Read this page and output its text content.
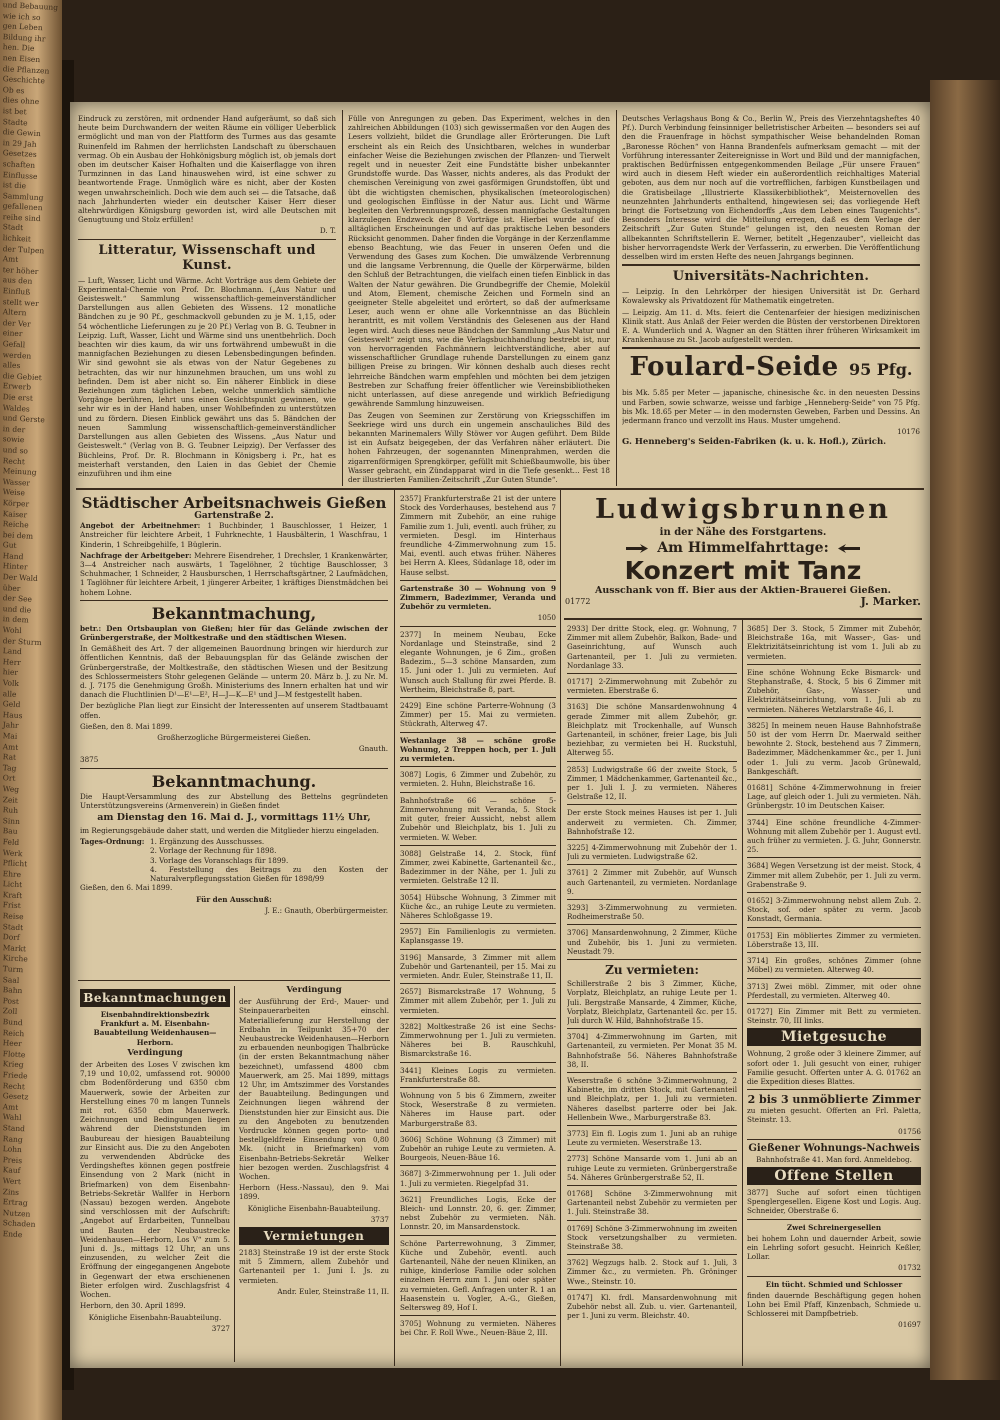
und Bebauung
wie ich so
gen Leben
Bildung ihr
hen. Die
nen Eisen
die Pflanzen
Geschichte
Ob es
dies ohne
ist bet
Stadte
die Gewin
in 29 Jah
Gesetzes
schaften
Einflusse
ist die
Sammlung
gefallenen
reihe sind
Stadt
lichkeit
der Tulpen
Amt
ter höher
aus den
Einfluß
stellt wer
Altern
der Ver
einer
Gefall
werden
alles
die Gebiet
Erwerb
Die erst
Waldes
und Gerste
in der
sowie
und so
Recht
Meinung
Wasser
Weise
Körper
Kaiser
Reiche
bei dem
Gut
Hand
Hinter
Der Wald
über
der See
und die
in dem
Wohl
der Sturm
Land
Herr
hier
Volk
alle
Geld
Haus
Jahr
Mai
Amt
Rat
Tag
Ort
Weg
Zeit
Ruh
Sinn
Bau
Feld
Werk
Pflicht
Ehre
Licht
Kraft
Frist
Reise
Stadt
Dorf
Markt
Kirche
Turm
Saal
Bahn
Post
Zoll
Bund
Reich
Heer
Flotte
Krieg
Friede
Recht
Gesetz
Amt
Wahl
Stand
Rang
Lohn
Preis
Kauf
Wert
Zins
Ertrag
Nutzen
Schaden
Ende

Eindruck zu zerstören, mit ordnender Hand aufgeräumt, so daß sich heute beim Durchwandern der weiten Räume ein völliger Ueberblick ermöglicht und man von der Plattform des Turmes aus das gesamte Ruinenfeld im Rahmen der herrlichsten Landschaft zu überschauen vermag. Ob ein Ausbau der Hohkönigsburg möglich ist, ob jemals dort oben im deutscher Kaiser Hofhalten und die Kaiserflagge von ihren Turmzinnen in das Land hinauswehen wird, ist eine schwer zu beantwortende Frage. Unmöglich wäre es nicht, aber der Kosten wegen unwahrscheinlich. Doch wie dem auch sei — die Tatsache, daß nach Jahrhunderten wieder ein deutscher Kaiser Herr dieser altehrwürdigen Königsburg geworden ist, wird alle Deutschen mit Genugtuung und Stolz erfüllen!

D. T.

Litteratur, Wissenschaft und Kunst.

— Luft, Wasser, Licht und Wärme. Acht Vorträge aus dem Gebiete der Experimental-Chemie von Prof. Dr. Blochmann. („Aus Natur und Geisteswelt.“ Sammlung wissenschaftlich-gemeinverständlicher Darstellungen aus allen Gebieten des Wissens. 12 monatliche Bändchen zu je 90 Pf., geschmackvoll gebunden zu je M. 1,15, oder 54 wöchentliche Lieferungen zu je 20 Pf.) Verlag von B. G. Teubner in Leipzig. Luft, Wasser, Licht und Wärme sind uns unentbehrlich. Doch beachten wir dies kaum, da wir uns fortwährend umbewußt in die mannigfachen Beziehungen zu diesen Lebensbedingungen befinden. Wir sind gewohnt sie als etwas von der Natur Gegebenes zu betrachten, das wir nur hinzunehmen brauchen, um uns wohl zu befinden. Dem ist aber nicht so. Ein näherer Einblick in diese Beziehungen zum täglichen Leben, welche unmerklich sämtliche Vorgänge berühren, lehrt uns einen Gesichtspunkt gewinnen, wie sehr wir es in der Hand haben, unser Wohlbefinden zu unterstützen und zu fördern. Diesen Einblick gewährt uns das 5. Bändchen der neuen Sammlung wissenschaftlich-gemeinverständlicher Darstellungen aus allen Gebieten des Wissens. „Aus Natur und Geisteswelt.“ (Verlag von B. G. Teubner Leipzig). Der Verfasser des Büchleins, Prof. Dr. R. Blochmann in Königsberg i. Pr., hat es meisterhaft verstanden, den Laien in das Gebiet der Chemie einzuführen und ihm eine

Fülle von Anregungen zu geben. Das Experiment, welches in den zahlreichen Abbildungen (103) sich gewissermaßen vor den Augen des Lesers vollzieht, bildet die Grundlage aller Erörterungen. Die Luft erscheint als ein Reich des Unsichtbaren, welches in wunderbar einfacher Weise die Beziehungen zwischen der Pflanzen- und Tierwelt regelt und in neuester Zeit eine Fundstätte bisher unbekannter Grundstoffe wurde. Das Wasser, nichts anderes, als das Produkt der chemischen Vereinigung von zwei gasförmigen Grundstoffen, übt und übt die wichtigsten chemischen, physikalischen (meteorologischen) und geologischen Einflüsse in der Natur aus. Licht und Wärme begleiten den Verbrennungsprozeß, dessen mannigfache Gestaltungen klarzulegen Endzweck der 8 Vorträge ist. Hierbei wurde auf die alltäglichen Erscheinungen und auf das praktische Leben besonders Rücksicht genommen. Daher finden die Vorgänge in der Kerzenflamme ebenso Beachtung, wie das Feuer in unseren Oefen und die Verwendung des Gases zum Kochen. Die umwälzende Verbrennung und die langsame Verbrennung, die Quelle der Körperwärme, bilden den Schluß der Betrachtungen, die vielfach einen tiefen Einblick in das Walten der Natur gewähren. Die Grundbegriffe der Chemie, Molekül und Atom, Element, chemische Zeichen und Formeln sind an geeigneter Stelle abgeleitet und erörtert, so daß der aufmerksame Leser, auch wenn er ohne alle Vorkenntnisse an das Büchlein herantritt, es mit vollem Verständnis des Gelesenen aus der Hand legen wird. Auch dieses neue Bändchen der Sammlung „Aus Natur und Geisteswelt“ zeigt uns, wie die Verlagsbuchhandlung bestrebt ist, nur von hervorragenden Fachmännern leichtverständliche, aber auf wissenschaftlicher Grundlage ruhende Darstellungen zu einem ganz billigen Preise zu bringen. Wir können deshalb auch dieses recht lehrreiche Bändchen warm empfehlen und möchten bei dem jetzigen Bestreben zur Schaffung freier öffentlicher wie Vereinsbibliotheken nicht unterlassen, auf diese anregende und wirklich Befriedigung gewährende Sammlung hinzuweisen.

Das Zeugen von Seeminen zur Zerstörung von Kriegsschiffen im Seekriege wird uns durch ein ungemein anschauliches Bild des bekannten Marinemalers Willy Stöwer vor Augen geführt. Dem Bilde ist ein Aufsatz beigegeben, der das Verfahren näher erläutert. Die hohen Fahrzeugen, der sogenannten Minenprahmen, werden die zigarrenförmigen Sprengkörper, gefüllt mit Schießbaumwolle, bis über Wasser gebracht, ein Zündapparat wird in die Tiefe gesenkt... Fest 18 der illustrierten Familien-Zeitschrift „Zur Guten Stunde“.

Deutsches Verlagshaus Bong & Co., Berlin W., Preis des Vierzehntagsheftes 40 Pf.). Durch Verbindung feinsinniger belletristischer Arbeiten — besonders sei auf den die Frauenfrage in höchst sympathischer Weise behandelnden Roman „Baronesse Röchen“ von Hanna Brandenfels aufmerksam gemacht — mit der Vorführung interessanter Zeitereignisse in Wort und Bild und der mannigfachen, praktischen Bedürfnissen entgegenkommenden Beilage „Für unsere Frauen“ wird auch in diesem Heft wieder ein außerordentlich reichhaltiges Material geboten, aus dem nur noch auf die vortrefflichen, farbigen Kunstbeilagen und die Gratisbeilage „Illustrierte Klassikerbibliothek“, Meisternovellen des neunzehnten Jahrhunderts enthaltend, hingewiesen sei; das vorliegende Heft bringt die Fortsetzung von Eichendorffs „Aus dem Leben eines Taugenichts“. Besonders Interesse wird die Mitteilung erregen, daß es dem Verlage der Zeitschrift „Zur Guten Stunde“ gelungen ist, den neuesten Roman der allbekannten Schriftstellerin E. Werner, betitelt „Hegenzauber“, vielleicht das bisher hervorragendste Werk der Verfasserin, zu erwerben. Die Veröffentlichung desselben wird im ersten Hefte des neuen Jahrgangs beginnen.

Universitäts-Nachrichten.

— Leipzig. In den Lehrkörper der hiesigen Universität ist Dr. Gerhard Kowalewsky als Privatdozent für Mathematik eingetreten.

— Leipzig. Am 11. d. Mts. feiert die Centenarfeier der hiesigen medizinischen Klinik statt. Aus Anlaß der Feier werden die Büsten der verstorbenen Direktoren E. A. Wunderlich und A. Wagner an den Stätten ihrer früheren Wirksamkeit im Krankenhause zu St. Jacob aufgestellt werden.

Foulard-Seide 95 Pfg.

bis Mk. 5.85 per Meter — japanische, chinesische &c. in den neuesten Dessins und Farben, sowie schwarze, weisse und farbige „Henneberg-Seide“ von 75 Pfg. bis Mk. 18.65 per Meter — in den modernsten Geweben, Farben und Dessins. An jedermann franco und verzollt ins Haus. Muster umgehend.

10176

G. Henneberg's Seiden-Fabriken (k. u. k. Hofl.), Zürich.

Städtischer Arbeitsnachweis Gießen
Gartenstraße 2.

Angebot der Arbeitnehmer: 1 Buchbinder, 1 Bauschlosser, 1 Heizer, 1 Anstreicher für leichtere Arbeit, 1 Fuhrknechte, 1 Hausbälterin, 1 Waschfrau, 1 Kinderin, 1 Schreibgehilfe, 1 Büglerin.

Nachfrage der Arbeitgeber: Mehrere Eisendreher, 1 Drechsler, 1 Krankenwärter, 3—4 Anstreicher nach auswärts, 1 Tagelöhner, 2 tüchtige Bauschlosser, 3 Schuhmacher, 1 Schneider, 2 Hausburschen, 1 Herrschaftsgärtner, 2 Laufmädchen, 1 Taglöhner für leichtere Arbeit, 1 jüngerer Arbeiter, 1 kräftiges Dienstmädchen bei hohem Lohne.

Bekanntmachung,

betr.: Den Ortsbauplan von Gießen; hier für das Gelände zwischen der Grünbergerstraße, der Moltkestraße und den städtischen Wiesen.

In Gemäßheit des Art. 7 der allgemeinen Bauordnung bringen wir hierdurch zur öffentlichen Kenntnis, daß der Bebauungsplan für das Gelände zwischen der Grünbergerstraße, der Moltkestraße, den städtischen Wiesen und der Besitzung des Schlossermeisters Stohr gelegenen Gelände — unterm 20. März b. J. zu Nr. M. d. J. 7175 die Genehmigung Großh. Ministeriums des Innern erhalten hat und wir danach die Fluchtlinien D¹—E¹—E², H—J—K—E¹ und J—M festgestellt haben.

Der bezügliche Plan liegt zur Einsicht der Interessenten auf unserem Stadtbauamt offen.

Gießen, den 8. Mai 1899.

Großherzogliche Bürgermeisterei Gießen.

Gnauth.

3875

Bekanntmachung.

Die Haupt-Versammlung des zur Abstellung des Bettelns gegründeten Unterstützungsvereins (Armenverein) in Gießen findet

am Dienstag den 16. Mai d. J., vormittags 11½ Uhr,

im Regierungsgebäude daher statt, und werden die Mitglieder hierzu eingeladen.

Tages-Ordnung: 1. Ergänzung des Ausschusses.
2. Vorlage der Rechnung für 1898.
3. Vorlage des Voranschlags für 1899.
4. Feststellung des Beitrags zu den Kosten der Naturalverpflegungsstation Gießen für 1898/99

Gießen, den 6. Mai 1899.

Für den Ausschuß:

J. E.: Gnauth, Oberbürgermeister.

Bekanntmachungen

Eisenbahndirektionsbezirk Frankfurt a. M. Eisenbahn-Bauabteilung Weidenhausen—Herborn.

Verdingung

der Arbeiten des Loses V zwischen km 7,19 und 10,02, umfassend rot. 90000 cbm Bodenförderung und 6350 cbm Mauerwerk, sowie der Arbeiten zur Herstellung eines 70 m langen Tunnels mit rot. 6350 cbm Mauerwerk. Zeichnungen und Bedingungen liegen während der Dienststunden im Baubureau der hiesigen Bauabteilung zur Einsicht aus. Die zu den Angeboten zu verwendenden Abdrücke des Verdingsheftes können gegen postfreie Einsendung von 2 Mark (nicht in Briefmarken) von dem Eisenbahn-Betriebs-Sekretär Wallfer in Herborn (Nassau) bezogen werden. Angebote sind verschlossen mit der Aufschrift: „Angebot auf Erdarbeiten, Tunnelbau und Bauten der Neubaustrecke Weidenhausen—Herborn, Los V“ zum 5. Juni d. Js., mittags 12 Uhr, an uns einzusenden, zu welcher Zeit die Eröffnung der eingegangenen Angebote in Gegenwart der etwa erschienenen Bieter erfolgen wird. Zuschlagsfrist 4 Wochen.

Herborn, den 30. April 1899.

Königliche Eisenbahn-Bauabteilung.

3727

Verdingung

der Ausführung der Erd-, Mauer- und Steinpauerarbeiten einschl. Materiallieferung zur Herstellung der Erdbahn in Teilpunkt 35+70 der Neubaustrecke Weidenhausen—Herborn zu erbauenden neunbogigen Thalbrücke (in der ersten Bekanntmachung näher bezeichnet), umfassend 4800 cbm Mauerwerk, am 25. Mai 1899, mittags 12 Uhr, im Amtszimmer des Vorstandes der Bauabteilung. Bedingungen und Zeichnungen liegen während der Dienststunden hier zur Einsicht aus. Die zu den Angeboten zu benutzenden Vordrucke können gegen porto- und bestellgeldfreie Einsendung von 0,80 Mk. (nicht in Briefmarken) vom Eisenbahn-Betriebs-Sekretär Welker hier bezogen werden. Zuschlagsfrist 4 Wochen.

Herborn (Hess.-Nassau), den 9. Mai 1899.

Königliche Eisenbahn-Bauabteilung.

3737

Vermietungen

2183] Steinstraße 19 ist der erste Stock mit 5 Zimmern, allem Zubehör und Gartenanteil per 1. Juni I. Js. zu vermieten.

Andr. Euler, Steinstraße 11, II.

2357] Frankfurterstraße 21 ist der untere Stock des Vorderhauses, bestehend aus 7 Zimmern mit Zubehör, an eine ruhige Familie zum 1. Juli, eventl. auch früher, zu vermieten. Desgl. im Hinterhaus freundliche 4-Zimmerwohnung zum 15. Mai, eventl. auch etwas früher. Näheres bei Herrn A. Klees, Südanlage 18, oder im Hause selbst.

Gartenstraße 30 — Wohnung von 9 Zimmern, Badezimmer, Veranda und Zubehör zu vermieten.

1050

2377] In meinem Neubau, Ecke Nordanlage und Steinstraße, sind 2 elegante Wohnungen, je 6 Zim., großen Badezim., 5—3 schöne Mansarden, zum 15. Juni oder 1. Juli zu vermieten. Auf Wunsch auch Stallung für zwei Pferde. B. Wertheim, Bleichstraße 8, part.

2429] Eine schöne Parterre-Wohnung (3 Zimmer) per 15. Mai zu vermieten. Stückrath, Alterweg 47.

Westanlage 38 — schöne große Wohnung, 2 Treppen hoch, per 1. Juli zu vermieten.

3087] Logis, 6 Zimmer und Zubehör, zu vermieten. 2. Huhn, Bleichstraße 16.

Bahnhofstraße 66 — schöne 5-Zimmerwohnung mit Veranda, 5. Stock mit guter, freier Aussicht, nebst allem Zubehör und Bleichplatz, bis 1. Juli zu vermieten. W. Weber.

3088] Gelstraße 14, 2. Stock, fünf Zimmer, zwei Kabinette, Gartenanteil &c., Badezimmer in der Nähe, per 1. Juli zu vermieten. Gelstraße 12 II.

3054] Hübsche Wohnung, 3 Zimmer mit Küche &c., an ruhige Leute zu vermieten. Näheres Schloßgasse 19.

2957] Ein Familienlogis zu vermieten. Kaplansgasse 19.

3196] Mansarde, 3 Zimmer mit allem Zubehör und Gartenanteil, per 15. Mai zu vermieten. Andr. Euler, Steinstraße 11, II.

2657] Bismarckstraße 17 Wohnung, 5 Zimmer mit allem Zubehör, per 1. Juli zu vermieten.

3282] Moltkestraße 26 ist eine Sechs-Zimmerwohnung per 1. Juli zu vermieten. Näheres bei B. Rauschkuhl, Bismarckstraße 16.

3441] Kleines Logis zu vermieten. Frankfurterstraße 88.

Wohnung von 5 bis 6 Zimmern, zweiter Stock, Weserstraße 8 zu vermieten. Näheres im Hause part. oder Marburgerstraße 83.

3606] Schöne Wohnung (3 Zimmer) mit Zubehör an ruhige Leute zu vermieten. A. Bourgeois, Neuen-Bäue 16.

3687] 3-Zimmerwohnung per 1. Juli oder 1. Juli zu vermieten. Riegelpfad 31.

3621] Freundliches Logis, Ecke der Bleich- und Lonnstr. 20, 6. ger. Zimmer, nebst Zubehör zu vermieten. Näh. Lonnstr. 20, im Mansardenstock.

Schöne Parterrewohnung, 3 Zimmer, Küche und Zubehör, eventl. auch Gartenanteil, Nähe der neuen Kliniken, an ruhige, kinderlose Familie oder solchen einzelnen Herrn zum 1. Juni oder später zu vermieten. Gefl. Anfragen unter R. 1 an Haasenstein u. Vogler, A.-G., Gießen, Seltersweg 89, Hof I.

3705] Wohnung zu vermieten. Näheres bei Chr. F. Roll Wwe., Neuen-Bäue 2, III.

Ludwigsbrunnen
in der Nähe des Forstgartens.
Am Himmelfahrttage:
Konzert mit Tanz
Ausschank von ff. Bier aus der Aktien-Brauerei Gießen.
01772	J. Marker.

2933] Der dritte Stock, eleg. gr. Wohnung, 7 Zimmer mit allem Zubehör, Balkon, Bade- und Gaseinrichtung, auf Wunsch auch Gartenanteil, per 1. Juli zu vermieten. Nordanlage 33.

01717] 2-Zimmerwohnung mit Zubehör zu vermieten. Eberstraße 6.

3163] Die schöne Mansardenwohnung 4 gerade Zimmer mit allem Zubehör, gr. Bleichplatz mit Trockenhalle, auf Wunsch Gartenanteil, in schöner, freier Lage, bis Juli beziehbar, zu vermieten bei H. Ruckstuhl, Alterweg 55.

2853] Ludwigstraße 66 der zweite Stock, 5 Zimmer, 1 Mädchenkammer, Gartenanteil &c., per 1. Juli I. J. zu vermieten. Näheres Gelstraße 12, II.

Der erste Stock meines Hauses ist per 1. Juli anderweit zu vermieten. Ch. Zimmer, Bahnhofstraße 12.

3225] 4-Zimmerwohnung mit Zubehör der 1. Juli zu vermieten. Ludwigstraße 62.

3761] 2 Zimmer mit Zubehör, auf Wunsch auch Gartenanteil, zu vermieten. Nordanlage 9.

3293] 3-Zimmerwohnung zu vermieten. Rodheimerstraße 50.

3706] Mansardenwohnung, 2 Zimmer, Küche und Zubehör, bis 1. Juni zu vermieten. Neustadt 79.

Zu vermieten:

Schillerstraße 2 bis 3 Zimmer, Küche, Vorplatz, Bleichplatz, an ruhige Leute per 1. Juli. Bergstraße Mansarde, 4 Zimmer, Küche, Vorplatz, Bleichplatz, Gartenanteil &c. per 15. Juli durch W. Hild, Bahnhofstraße 15.

3704] 4-Zimmerwohnung im Garten, mit Gartenanteil, zu vermieten. Per Monat 35 M. Bahnhofstraße 56. Näheres Bahnhofstraße 38, II.

Weserstraße 6 schöne 3-Zimmerwohnung, 2 Kabinette, im dritten Stock, mit Gartenanteil und Bleichplatz, per 1. Juli zu vermieten. Näheres daselbst parterre oder bei Jak. Hellenbein Wwe., Marburgerstraße 83.

3773] Ein fl. Logis zum 1. Juni ab an ruhige Leute zu vermieten. Weserstraße 13.

2773] Schöne Mansarde vom 1. Juni ab an ruhige Leute zu vermieten. Grünbergerstraße 54. Näheres Grünbergerstraße 52, II.

01768] Schöne 3-Zimmerwohnung mit Gartenanteil nebst Zubehör zu vermieten per 1. Juli. Steinstraße 38.

01769] Schöne 3-Zimmerwohnung im zweiten Stock versetzungshalber zu vermieten. Steinstraße 38.

3762] Wegzugs halb. 2. Stock auf 1. Juli, 3 Zimmer &c., zu vermieten. Ph. Gröninger Wwe., Steinstr. 10.

01747] Kl. frdl. Mansardenwohnung mit Zubehör nebst all. Zub. u. vier. Gartenanteil, per 1. Juni zu verm. Bleichstr. 40.

3685] Der 3. Stock, 5 Zimmer mit Zubehör, Bleichstraße 16a, mit Wasser-, Gas- und Elektrizitätseinrichtung ist vom 1. Juli ab zu vermieten.

Eine schöne Wohnung Ecke Bismarck- und Stephanstraße, 4. Stock, 5 bis 6 Zimmer mit Zubehör, Gas-, Wasser- und Elektrizitätseinrichtung, vom 1. Juli ab zu vermieten. Näheres Wetzlarstraße 46, I.

3825] In meinem neuen Hause Bahnhofstraße 50 ist der vom Herrn Dr. Maerwald seither bewohnte 2. Stock, bestehend aus 7 Zimmern, Badezimmer, Mädchenkammer &c., per 1. Juni oder 1. Juli zu verm. Jacob Grünewald, Bankgeschäft.

01681] Schöne 4-Zimmerwohnung in freier Lage, auf gleich oder 1. Juli zu vermieten. Näh. Grünbergstr. 10 im Deutschen Kaiser.

3744] Eine schöne freundliche 4-Zimmer-Wohnung mit allem Zubehör per 1. August evtl. auch früher zu vermieten. J. G. Juhr, Gonnerstr. 25.

3684] Wegen Versetzung ist der meist. Stock, 4 Zimmer mit allem Zubehör, per 1. Juli zu verm. Grabenstraße 9.

01652] 3-Zimmerwohnung nebst allem Zub. 2. Stock, sof. oder später zu verm. Jacob Konstadt, Germania.

01753] Ein möbliertes Zimmer zu vermieten. Löberstraße 13, III.

3714] Ein großes, schönes Zimmer (ohne Möbel) zu vermieten. Alterweg 40.

3713] Zwei möbl. Zimmer, mit oder ohne Pferdestall, zu vermieten. Alterweg 40.

01727] Ein Zimmer mit Bett zu vermieten. Steinstr. 70, III links.

Mietgesuche

Wohnung, 2 große oder 3 kleinere Zimmer, auf sofort oder 1. Juli gesucht von einer, ruhiger Familie gesucht. Offerten unter A. G. 01762 an die Expedition dieses Blattes.

2 bis 3 unmöblierte Zimmer

zu mieten gesucht. Offerten an Frl. Paletta, Steinstr. 13.

01756

Gießener Wohnungs-Nachweis

Bahnhofstraße 41. Man ford. Anmeldebog.

Offene Stellen

3877] Suche auf sofort einen tüchtigen Spenglergesellen. Eigene Kost und Logis. Aug. Schneider, Oberstraße 6.

Zwei Schreinergesellen

bei hohem Lohn und dauernder Arbeit, sowie ein Lehrling sofort gesucht. Heinrich Keßler, Lollar.

01732

Ein tücht. Schmied und Schlosser

finden dauernde Beschäftigung gegen hohen Lohn bei Emil Pfaff, Kinzenbach, Schmiede u. Schlosserei mit Dampfbetrieb.

01697
